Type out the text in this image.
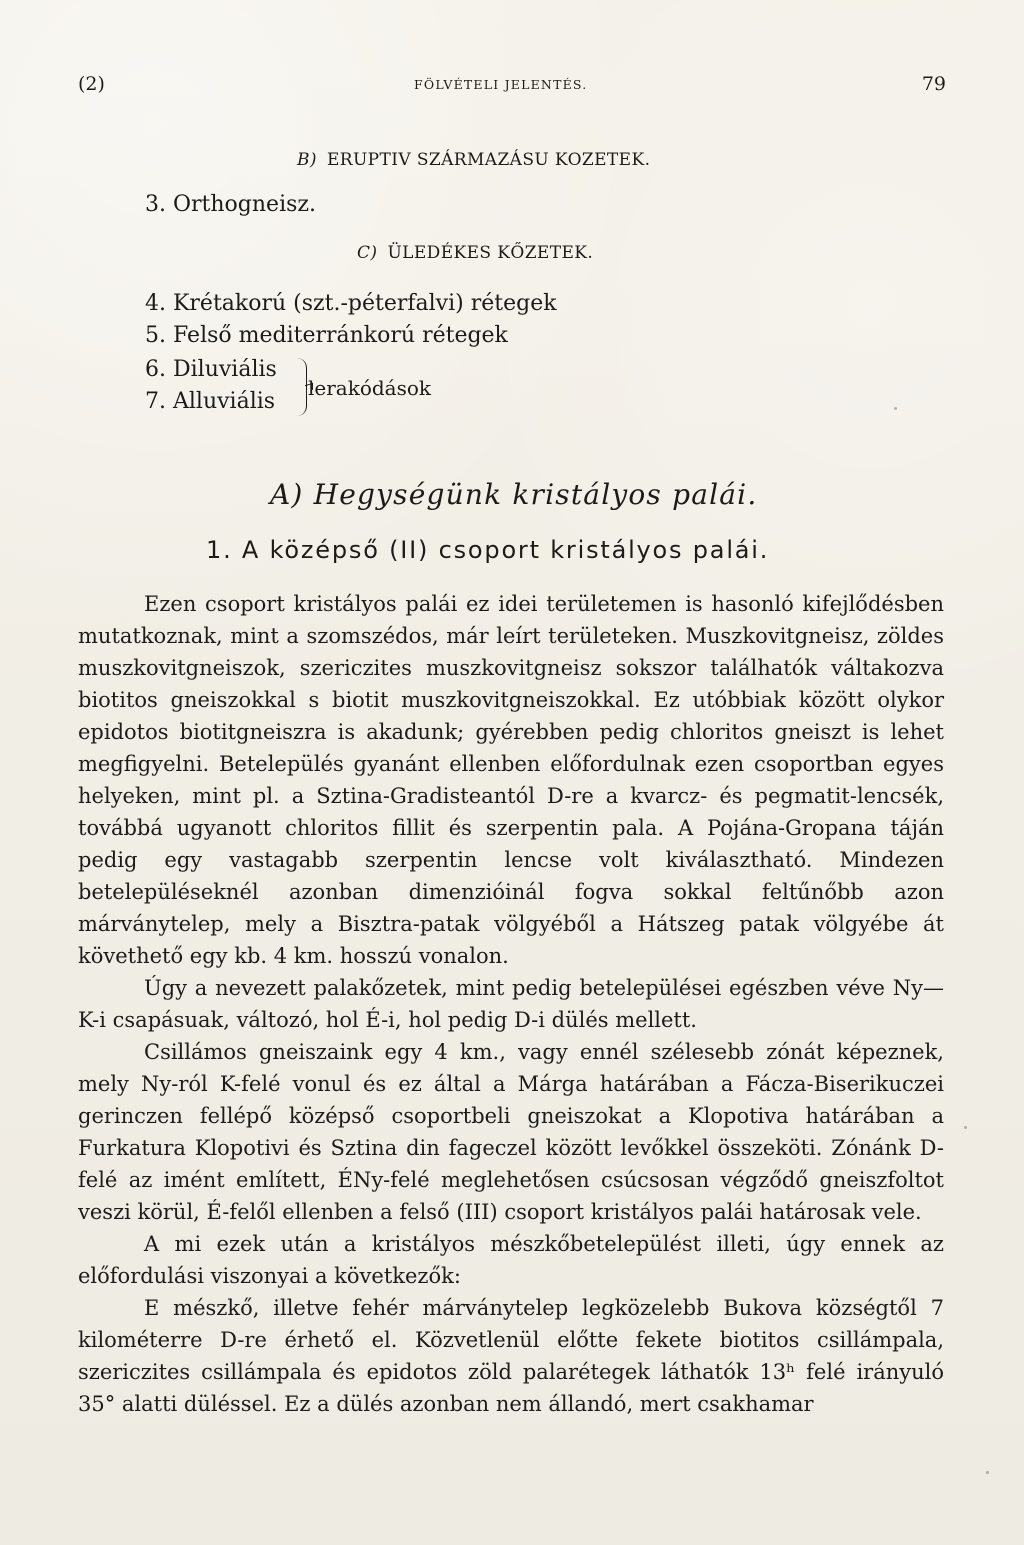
(2)	FÖLVÉTELI JELENTÉS.	79
B) ERUPTIV SZÁRMAZÁSU KOZETEK.
3. Orthogneisz.
C) ÜLEDÉKES KŐZETEK.
4. Krétakorú (szt.-péterfalvi) rétegek
5. Felső mediterránkorú rétegek
6. Diluviális
7. Alluviális
lerakódások
A) Hegységünk kristályos palái.
1. A középső (II) csoport kristályos palái.

Ezen csoport kristályos palái ez idei területemen is hasonló kifejlődésben mutatkoznak, mint a szomszédos, már leírt területeken. Muszkovitgneisz, zöldes muszkovitgneiszok, szericzites muszkovitgneisz sokszor találhatók váltakozva biotitos gneiszokkal s biotit muszkovitgneiszokkal. Ez utóbbiak között olykor epidotos biotitgneiszra is akadunk; gyérebben pedig chloritos gneiszt is lehet megfigyelni. Betelepülés gyanánt ellenben előfordulnak ezen csoportban egyes helyeken, mint pl. a Sztina-Gradisteantól D-re a kvarcz- és pegmatit-lencsék, továbbá ugyanott chloritos fillit és szerpentin pala. A Pojána-Gropana táján pedig egy vastagabb szerpentin lencse volt kiválasztható. Mindezen betelepüléseknél azonban dimenzióinál fogva sokkal feltűnőbb azon márványtelep, mely a Bisztra-patak völgyéből a Hátszeg patak völgyébe át követhető egy kb. 4 km. hosszú vonalon.

Úgy a nevezett palakőzetek, mint pedig betelepülései egészben véve Ny—K-i csapásuak, változó, hol É-i, hol pedig D-i dülés mellett.

Csillámos gneiszaink egy 4 km., vagy ennél szélesebb zónát képeznek, mely Ny-ról K-felé vonul és ez által a Márga határában a Fácza-Biserikuczei gerinczen fellépő középső csoportbeli gneiszokat a Klopotiva határában a Furkatura Klopotivi és Sztina din fageczel között levőkkel összeköti. Zónánk D-felé az imént említett, ÉNy-felé meglehetősen csúcsosan végződő gneiszfoltot veszi körül, É-felől ellenben a felső (III) csoport kristályos palái határosak vele.

A mi ezek után a kristályos mészkőbetelepülést illeti, úgy ennek az előfordulási viszonyai a következők:

E mészkő, illetve fehér márványtelep legközelebb Bukova községtől 7 kilométerre D-re érhető el. Közvetlenül előtte fekete biotitos csillámpala, szericzites csillámpala és epidotos zöld palarétegek láthatók 13ʰ felé irányuló 35° alatti düléssel. Ez a dülés azonban nem állandó, mert csakhamar
